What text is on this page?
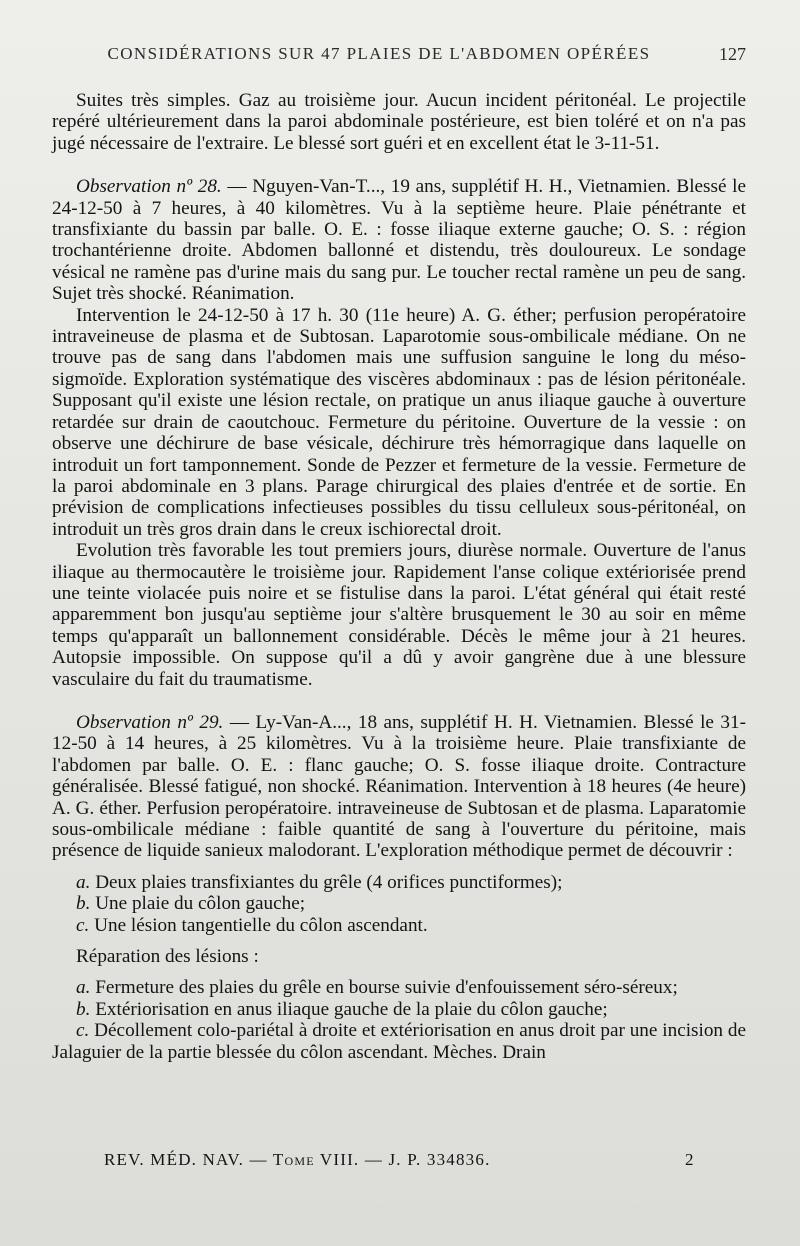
CONSIDÉRATIONS SUR 47 PLAIES DE L'ABDOMEN OPÉRÉES	127

Suites très simples. Gaz au troisième jour. Aucun incident péritonéal. Le projectile repéré ultérieurement dans la paroi abdominale postérieure, est bien toléré et on n'a pas jugé nécessaire de l'extraire. Le blessé sort guéri et en excellent état le 3-11-51.

Observation nº 28. — Nguyen-Van-T..., 19 ans, supplétif H. H., Vietnamien. Blessé le 24-12-50 à 7 heures, à 40 kilomètres. Vu à la septième heure. Plaie pénétrante et transfixiante du bassin par balle. O. E. : fosse iliaque externe gauche; O. S. : région trochantérienne droite. Abdomen ballonné et distendu, très douloureux. Le sondage vésical ne ramène pas d'urine mais du sang pur. Le toucher rectal ramène un peu de sang. Sujet très shocké. Réanimation.

Intervention le 24-12-50 à 17 h. 30 (11e heure) A. G. éther; perfusion peropératoire intraveineuse de plasma et de Subtosan. Laparotomie sous-ombilicale médiane. On ne trouve pas de sang dans l'abdomen mais une suffusion sanguine le long du méso-sigmoïde. Exploration systématique des viscères abdominaux : pas de lésion péritonéale. Supposant qu'il existe une lésion rectale, on pratique un anus iliaque gauche à ouverture retardée sur drain de caoutchouc. Fermeture du péritoine. Ouverture de la vessie : on observe une déchirure de base vésicale, déchirure très hémorragique dans laquelle on introduit un fort tamponnement. Sonde de Pezzer et fermeture de la vessie. Fermeture de la paroi abdominale en 3 plans. Parage chirurgical des plaies d'entrée et de sortie. En prévision de complications infectieuses possibles du tissu celluleux sous-péritonéal, on introduit un très gros drain dans le creux ischiorectal droit.

Evolution très favorable les tout premiers jours, diurèse normale. Ouverture de l'anus iliaque au thermocautère le troisième jour. Rapidement l'anse colique extériorisée prend une teinte violacée puis noire et se fistulise dans la paroi. L'état général qui était resté apparemment bon jusqu'au septième jour s'altère brusquement le 30 au soir en même temps qu'apparaît un ballonnement considérable. Décès le même jour à 21 heures. Autopsie impossible. On suppose qu'il a dû y avoir gangrène due à une blessure vasculaire du fait du traumatisme.

Observation nº 29. — Ly-Van-A..., 18 ans, supplétif H. H. Vietnamien. Blessé le 31-12-50 à 14 heures, à 25 kilomètres. Vu à la troisième heure. Plaie transfixiante de l'abdomen par balle. O. E. : flanc gauche; O. S. fosse iliaque droite. Contracture généralisée. Blessé fatigué, non shocké. Réanimation. Intervention à 18 heures (4e heure) A. G. éther. Perfusion peropératoire. intraveineuse de Subtosan et de plasma. Laparatomie sous-ombilicale médiane : faible quantité de sang à l'ouverture du péritoine, mais présence de liquide sanieux malodorant. L'exploration méthodique permet de découvrir :

a. Deux plaies transfixiantes du grêle (4 orifices punctiformes);

b. Une plaie du côlon gauche;

c. Une lésion tangentielle du côlon ascendant.

Réparation des lésions :

a. Fermeture des plaies du grêle en bourse suivie d'enfouissement séro-séreux;

b. Extériorisation en anus iliaque gauche de la plaie du côlon gauche;

c. Décollement colo-pariétal à droite et extériorisation en anus droit par une incision de Jalaguier de la partie blessée du côlon ascendant. Mèches. Drain

REV. MÉD. NAV. — Tome VIII. — J. P. 334836.	2
